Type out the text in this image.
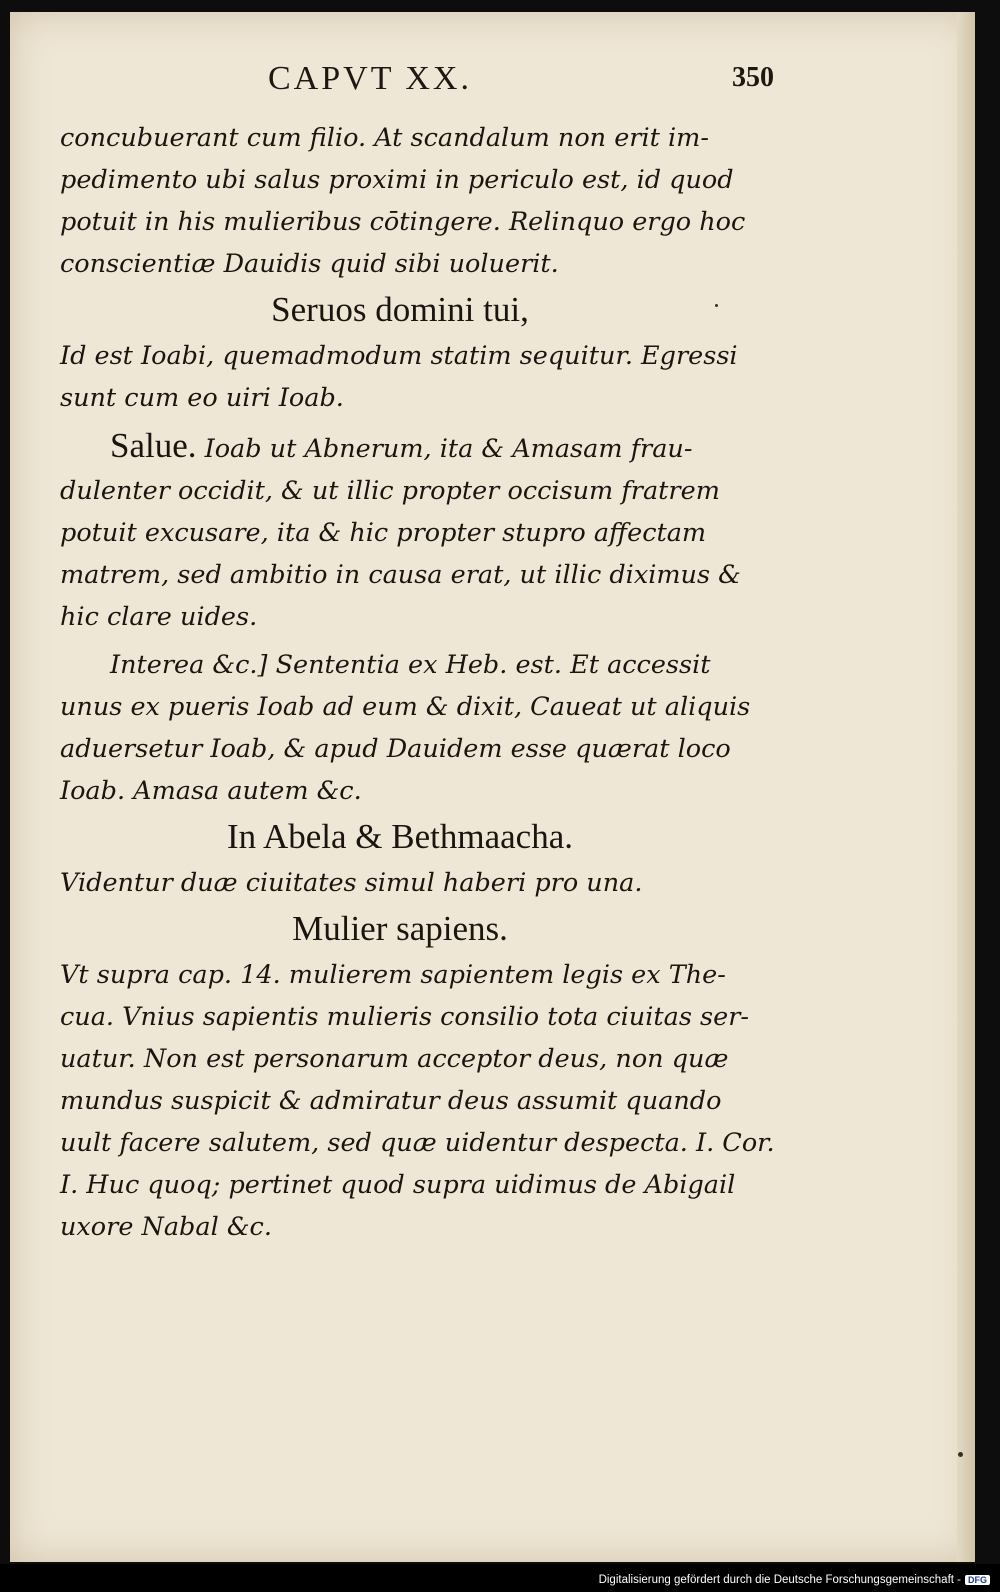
CAPVT XX.	350
concubuerant cum filio. At scandalum non erit im-
pedimento ubi salus proximi in periculo est, id quod
potuit in his mulieribus cōtingere. Relinquo ergo hoc
conscientiæ Dauidis quid sibi uoluerit.
Seruos domini tui,
Id est Ioabi, quemadmodum statim sequitur. Egressi
sunt cum eo uiri Ioab.
Salue. Ioab ut Abnerum, ita & Amasam frau-
dulenter occidit, & ut illic propter occisum fratrem
potuit excusare, ita & hic propter stupro affectam
matrem, sed ambitio in causa erat, ut illic diximus &
hic clare uides.
Interea &c.] Sententia ex Heb. est. Et accessit
unus ex pueris Ioab ad eum & dixit, Caueat ut aliquis
aduersetur Ioab, & apud Dauidem esse quærat loco
Ioab. Amasa autem &c.
In Abela & Bethmaacha.
Videntur duæ ciuitates simul haberi pro una.
Mulier sapiens.
Vt supra cap. 14. mulierem sapientem legis ex The-
cua. Vnius sapientis mulieris consilio tota ciuitas ser-
uatur. Non est personarum acceptor deus, non quæ
mundus suspicit & admiratur deus assumit quando
uult facere salutem, sed quæ uidentur despecta. I. Cor.
I. Huc quoq; pertinet quod supra uidimus de Abigail
uxore Nabal &c.
Digitalisierung gefördert durch die Deutsche Forschungsgemeinschaft - DFG
